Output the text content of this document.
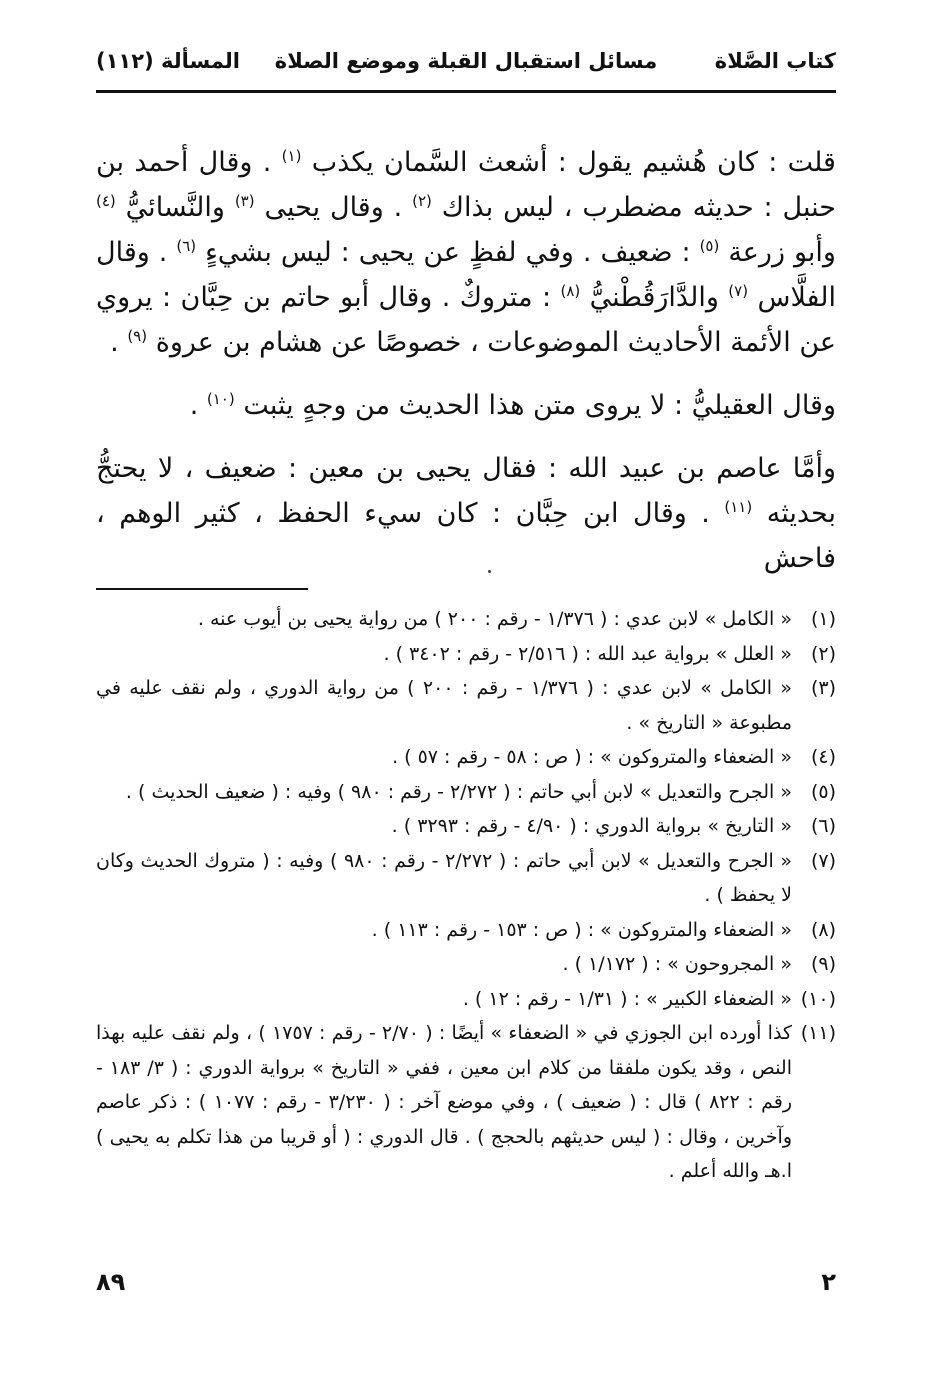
كتاب الصَّلاة
مسائل استقبال القبلة وموضع الصلاة
المسألة (١١٢)

قلت : كان هُشيم يقول : أشعث السَّمان يكذب $^{(١)}$ . وقال أحمد بن حنبل : حديثه مضطرب ، ليس بذاك $^{(٢)}$ . وقال يحيى $^{(٣)}$ والنَّسائيُّ $^{(٤)}$ وأبو زرعة $^{(٥)}$ : ضعيف . وفي لفظٍ عن يحيى : ليس بشيءٍ $^{(٦)}$ . وقال الفلَّاس $^{(٧)}$ والدَّارَقُطْنيُّ $^{(٨)}$ : متروكٌ . وقال أبو حاتم بن حِبَّان : يروي عن الأئمة الأحاديث الموضوعات ، خصوصًا عن هشام بن عروة $^{(٩)}$ .

وقال العقيليُّ : لا يروى متن هذا الحديث من وجهٍ يثبت $^{(١٠)}$ .

وأمَّا عاصم بن عبيد الله : فقال يحيى بن معين : ضعيف ، لا يحتجُّ بحديثه $^{(١١)}$ . وقال ابن حِبَّان : كان سيء الحفظ ، كثير الوهم ، فاحش

(١)
« الكامل » لابن عدي : ( ١/٣٧٦ - رقم : ٢٠٠ ) من رواية يحيى بن أيوب عنه .
(٢)
« العلل » برواية عبد الله : ( ٢/٥١٦ - رقم : ٣٤٠٢ ) .
(٣)
« الكامل » لابن عدي : ( ١/٣٧٦ - رقم : ٢٠٠ ) من رواية الدوري ، ولم نقف عليه في مطبوعة « التاريخ » .
(٤)
« الضعفاء والمتروكون » : ( ص : ٥٨ - رقم : ٥٧ ) .
(٥)
« الجرح والتعديل » لابن أبي حاتم : ( ٢/٢٧٢ - رقم : ٩٨٠ ) وفيه : ( ضعيف الحديث ) .
(٦)
« التاريخ » برواية الدوري : ( ٤/٩٠ - رقم : ٣٢٩٣ ) .
(٧)
« الجرح والتعديل » لابن أبي حاتم : ( ٢/٢٧٢ - رقم : ٩٨٠ ) وفيه : ( متروك الحديث وكان لا يحفظ ) .
(٨)
« الضعفاء والمتروكون » : ( ص : ١٥٣ - رقم : ١١٣ ) .
(٩)
« المجروحون » : ( ١/١٧٢ ) .
(١٠)
« الضعفاء الكبير » : ( ١/٣١ - رقم : ١٢ ) .
(١١)
كذا أورده ابن الجوزي في « الضعفاء » أيضًا : ( ٢/٧٠ - رقم : ١٧٥٧ ) ، ولم نقف عليه بهذا النص ، وقد يكون ملفقا من كلام ابن معين ، ففي « التاريخ » برواية الدوري : ( ٣/ ١٨٣ - رقم : ٨٢٢ ) قال : ( ضعيف ) ، وفي موضع آخر : ( ٣/٢٣٠ - رقم : ١٠٧٧ ) : ذكر عاصم وآخرين ، وقال : ( ليس حديثهم بالحجج ) . قال الدوري : ( أو قريبا من هذا تكلم به يحيى ) ا.هـ والله أعلم .
٢
٨٩
